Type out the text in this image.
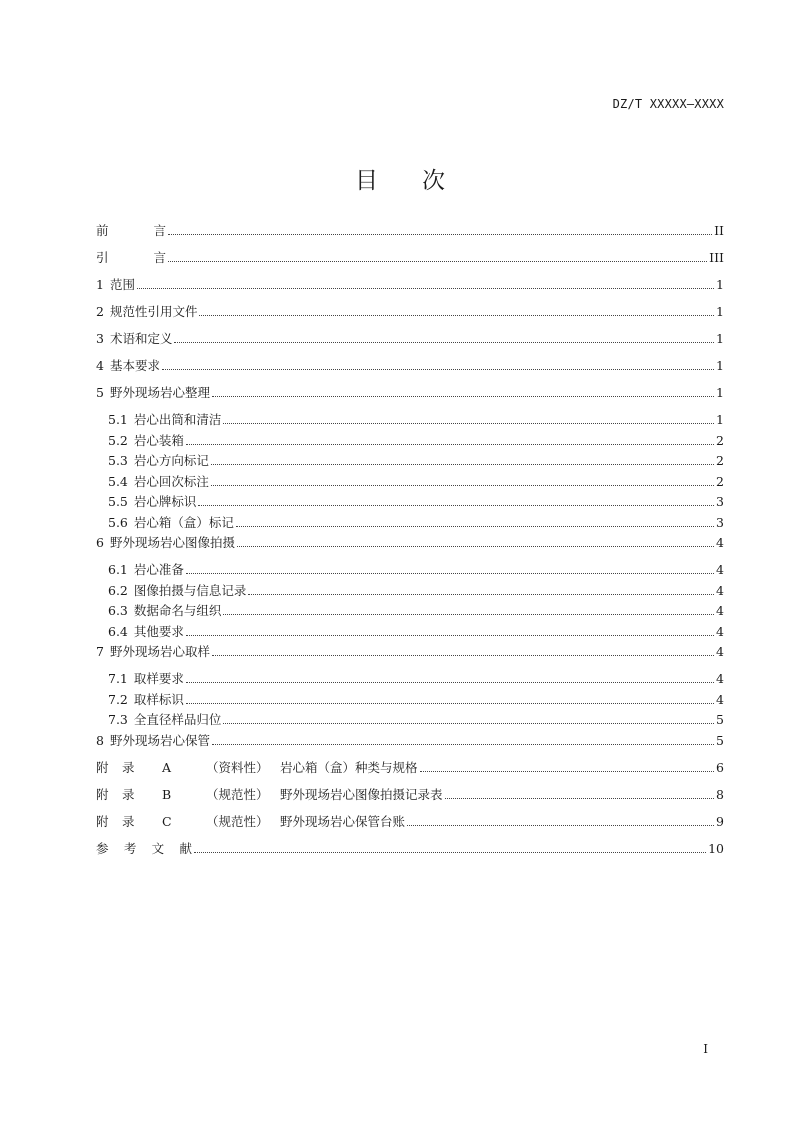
DZ/T XXXXX—XXXX
目次
前	言	II
引	言	III
1 范围	1
2 规范性引用文件	1
3 术语和定义	1
4 基本要求	1
5 野外现场岩心整理	1
5.1 岩心出筒和清洁	1
5.2 岩心装箱	2
5.3 岩心方向标记	2
5.4 岩心回次标注	2
5.5 岩心牌标识	3
5.6 岩心箱（盒）标记	3
6 野外现场岩心图像拍摄	4
6.1 岩心准备	4
6.2 图像拍摄与信息记录	4
6.3 数据命名与组织	4
6.4 其他要求	4
7 野外现场岩心取样	4
7.1 取样要求	4
7.2 取样标识	4
7.3 全直径样品归位	5
8 野外现场岩心保管	5
附	录	A	（资料性） 岩心箱（盒）种类与规格	6
附	录	B	（规范性） 野外现场岩心图像拍摄记录表	8
附	录	C	（规范性） 野外现场岩心保管台账	9
参 考 文 献	10
I
